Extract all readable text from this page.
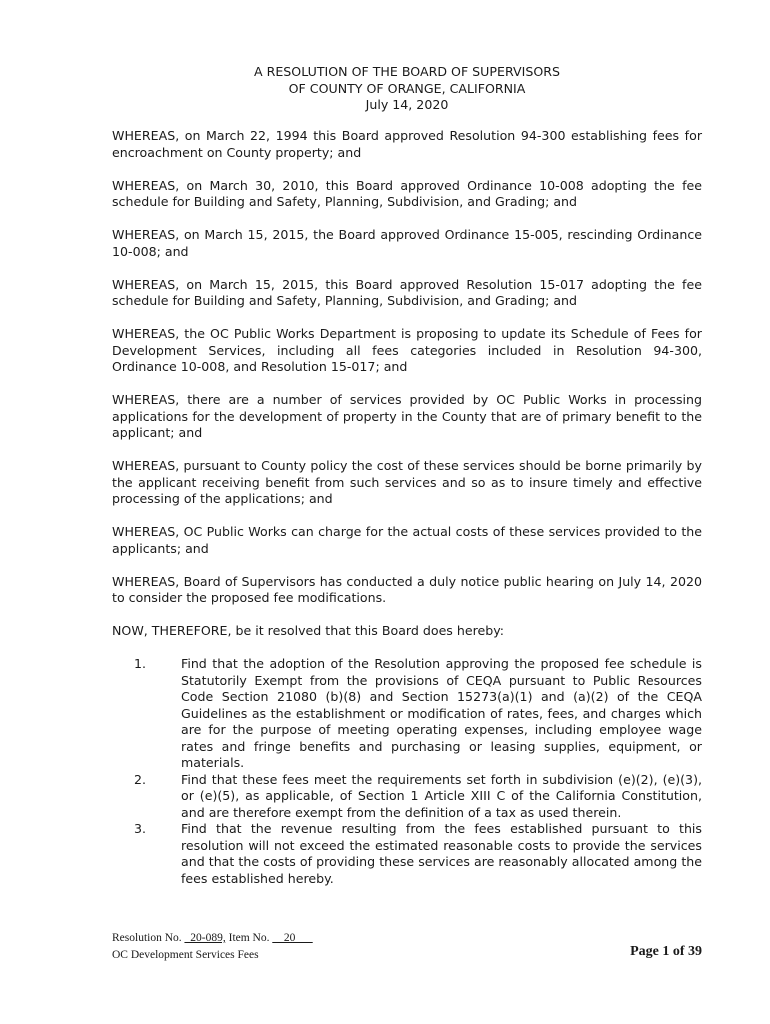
A RESOLUTION OF THE BOARD OF SUPERVISORS
OF COUNTY OF ORANGE, CALIFORNIA
July 14, 2020

WHEREAS, on March 22, 1994 this Board approved Resolution 94-300 establishing fees for encroachment on County property; and

WHEREAS, on March 30, 2010, this Board approved Ordinance 10-008 adopting the fee schedule for Building and Safety, Planning, Subdivision, and Grading; and

WHEREAS, on March 15, 2015, the Board approved Ordinance 15-005, rescinding Ordinance 10-008; and

WHEREAS, on March 15, 2015, this Board approved Resolution 15-017 adopting the fee schedule for Building and Safety, Planning, Subdivision, and Grading; and

WHEREAS, the OC Public Works Department is proposing to update its Schedule of Fees for Development Services, including all fees categories included in Resolution 94-300, Ordinance 10-008, and Resolution 15-017; and

WHEREAS, there are a number of services provided by OC Public Works in processing applications for the development of property in the County that are of primary benefit to the applicant; and

WHEREAS, pursuant to County policy the cost of these services should be borne primarily by the applicant receiving benefit from such services and so as to insure timely and effective processing of the applications; and

WHEREAS, OC Public Works can charge for the actual costs of these services provided to the applicants; and

WHEREAS, Board of Supervisors has conducted a duly notice public hearing on July 14, 2020 to consider the proposed fee modifications.

NOW, THEREFORE, be it resolved that this Board does hereby:

1.	Find that the adoption of the Resolution approving the proposed fee schedule is Statutorily Exempt from the provisions of CEQA pursuant to Public Resources Code Section 21080 (b)(8) and Section 15273(a)(1) and (a)(2) of the CEQA Guidelines as the establishment or modification of rates, fees, and charges which are for the purpose of meeting operating expenses, including employee wage rates and fringe benefits and purchasing or leasing supplies, equipment, or materials.
2.	Find that these fees meet the requirements set forth in subdivision (e)(2), (e)(3), or (e)(5), as applicable, of Section 1 Article XIII C of the California Constitution, and are therefore exempt from the definition of a tax as used therein.
3.	Find that the revenue resulting from the fees established pursuant to this resolution will not exceed the estimated reasonable costs to provide the services and that the costs of providing these services are reasonably allocated among the fees established hereby.
Resolution No. _20-089, Item No. __20___
OC Development Services Fees	Page 1 of 39
